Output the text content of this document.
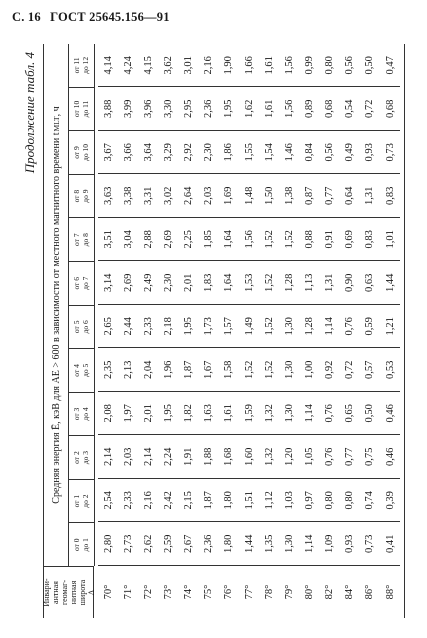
С. 16 ГОСТ 25645.156—91
Продолжение табл. 4
Инвари-
антная
геомаг-
нитная
широта
Λ
Средняя энергия Ē, кэВ для AE > 600 в зависимости от местного магнитного времени t
MLT
, ч
от 0 до 1
от 1 до 2
от 2 до 3
от 3 до 4
от 4 до 5
от 5 до 6
от 6 до 7
от 7 до 8
от 8 до 9
от 9 до 10
от 10 до 11
от 11 до 12
70°
2,80
2,54
2,14
2,08
2,35
2,65
3,14
3,51
3,63
3,67
3,88
4,14
71°
2,73
2,33
2,03
1,97
2,13
2,44
2,69
3,04
3,38
3,66
3,99
4,24
72°
2,62
2,16
2,14
2,01
2,04
2,33
2,49
2,88
3,31
3,64
3,96
4,15
73°
2,59
2,42
2,24
1,95
1,96
2,18
2,30
2,69
3,02
3,29
3,30
3,62
74°
2,67
2,15
1,91
1,82
1,87
1,95
2,01
2,25
2,64
2,92
2,95
3,01
75°
2,36
1,87
1,88
1,63
1,67
1,73
1,83
1,85
2,03
2,30
2,36
2,16
76°
1,80
1,80
1,68
1,61
1,58
1,57
1,64
1,64
1,69
1,86
1,95
1,90
77°
1,44
1,51
1,60
1,59
1,52
1,49
1,53
1,56
1,48
1,55
1,62
1,66
78°
1,35
1,12
1,32
1,32
1,52
1,52
1,52
1,52
1,50
1,54
1,61
1,61
79°
1,30
1,03
1,20
1,30
1,30
1,30
1,28
1,52
1,38
1,46
1,56
1,56
80°
1,14
0,97
1,05
1,14
1,00
1,28
1,13
0,88
0,87
0,84
0,89
0,99
82°
1,09
0,80
0,76
0,76
0,92
1,14
1,31
0,91
0,77
0,56
0,68
0,80
84°
0,93
0,80
0,77
0,65
0,72
0,76
0,90
0,69
0,64
0,49
0,54
0,56
86°
0,73
0,74
0,75
0,50
0,57
0,59
0,63
0,83
1,31
0,93
0,72
0,50
88°
0,41
0,39
0,46
0,46
0,53
1,21
1,44
1,01
0,83
0,73
0,68
0,47
